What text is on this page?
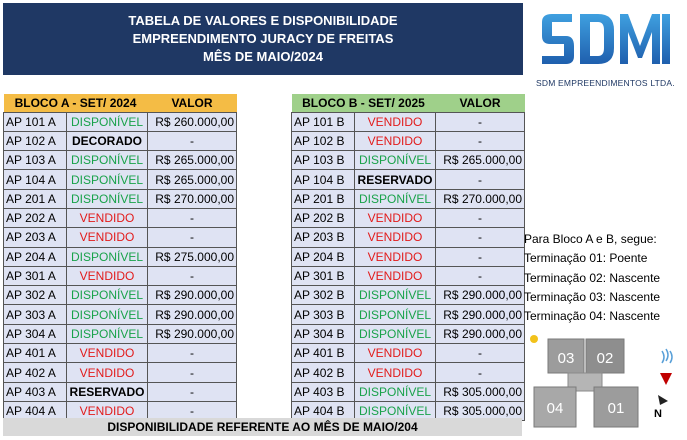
TABELA DE VALORES E DISPONIBILIDADE
EMPREENDIMENTO JURACY DE FREITAS
MÊS DE MAIO/2024
SDM EMPREENDIMENTOS LTDA.
BLOCO A - SET/ 2024		VALOR
AP 101 A	DISPONÍVEL	R$ 260.000,00
AP 102 A	DECORADO	-
AP 103 A	DISPONÍVEL	R$ 265.000,00
AP 104 A	DISPONÍVEL	R$ 265.000,00
AP 201 A	DISPONÍVEL	R$ 270.000,00
AP 202 A	VENDIDO	-
AP 203 A	VENDIDO	-
AP 204 A	DISPONÍVEL	R$ 275.000,00
AP 301 A	VENDIDO	-
AP 302 A	DISPONÍVEL	R$ 290.000,00
AP 303 A	DISPONÍVEL	R$ 290.000,00
AP 304 A	DISPONÍVEL	R$ 290.000,00
AP 401 A	VENDIDO	-
AP 402 A	VENDIDO	-
AP 403 A	RESERVADO	-
AP 404 A	VENDIDO	-
BLOCO B - SET/ 2025		VALOR
AP 101 B	VENDIDO	-
AP 102 B	VENDIDO	-
AP 103 B	DISPONÍVEL	R$ 265.000,00
AP 104 B	RESERVADO	-
AP 201 B	DISPONÍVEL	R$ 270.000,00
AP 202 B	VENDIDO	-
AP 203 B	VENDIDO	-
AP 204 B	VENDIDO	-
AP 301 B	VENDIDO	-
AP 302 B	DISPONÍVEL	R$ 290.000,00
AP 303 B	DISPONÍVEL	R$ 290.000,00
AP 304 B	DISPONÍVEL	R$ 290.000,00
AP 401 B	VENDIDO	-
AP 402 B	VENDIDO	-
AP 403 B	DISPONÍVEL	R$ 305.000,00
AP 404 B	DISPONÍVEL	R$ 305.000,00
Para Bloco A e B, segue:
Terminação 01: Poente
Terminação 02: Nascente
Terminação 03: Nascente
Terminação 04: Nascente
03 02
04	01	N
DISPONIBILIDADE REFERENTE AO MÊS DE MAIO/204
